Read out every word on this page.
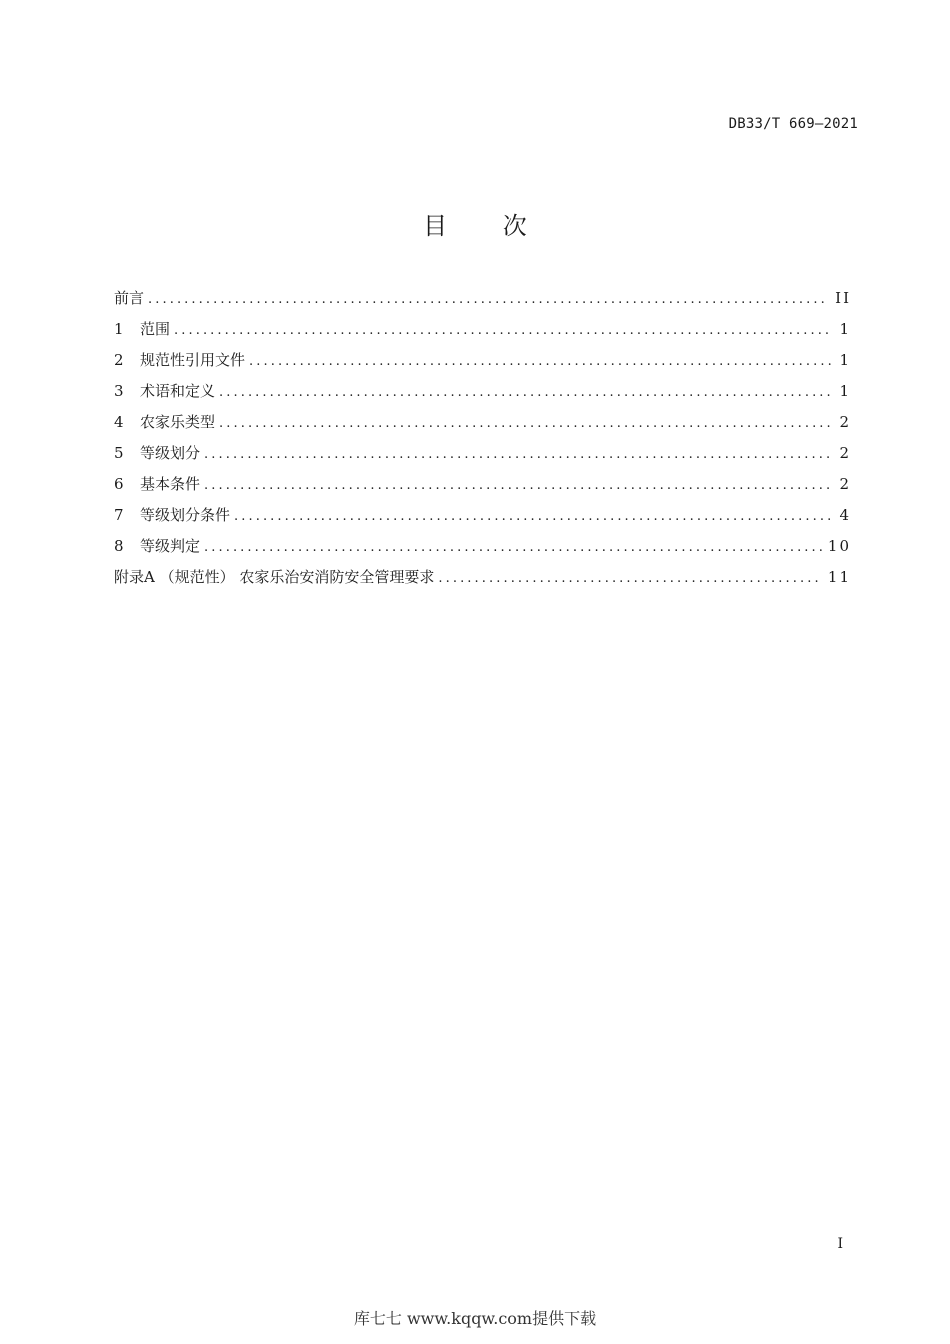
DB33/T 669—2021
目 次
前言 .....	II
1	范围 .....	1
2	规范性引用文件 .....	1
3	术语和定义 .....	1
4	农家乐类型 .....	2
5	等级划分 .....	2
6	基本条件 .....	2
7	等级划分条件 .....	4
8	等级判定 .....	10
附录A （规范性） 农家乐治安消防安全管理要求 .....	11
I
库七七 www.kqqw.com提供下载
